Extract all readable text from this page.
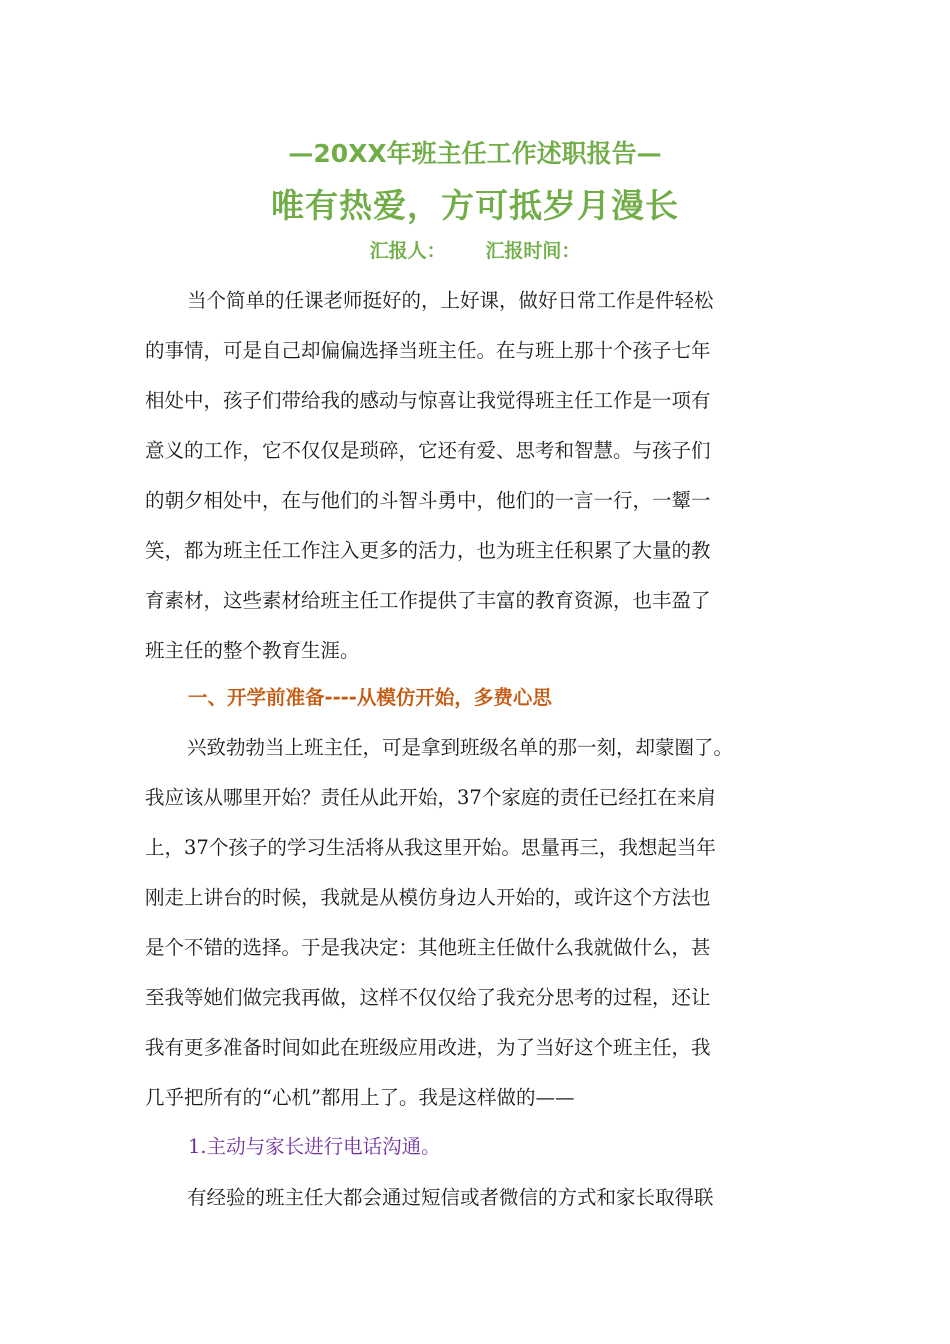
—20XX年班主任工作述职报告—
唯有热爱，方可抵岁月漫长
汇报人：      汇报时间：
当个简单的任课老师挺好的，上好课，做好日常工作是件轻松
的事情，可是自己却偏偏选择当班主任。在与班上那十个孩子七年
相处中，孩子们带给我的感动与惊喜让我觉得班主任工作是一项有
意义的工作，它不仅仅是琐碎，它还有爱、思考和智慧。与孩子们
的朝夕相处中，在与他们的斗智斗勇中，他们的一言一行，一颦一
笑，都为班主任工作注入更多的活力，也为班主任积累了大量的教
育素材，这些素材给班主任工作提供了丰富的教育资源，也丰盈了
班主任的整个教育生涯。
一、开学前准备----从模仿开始，多费心思
兴致勃勃当上班主任，可是拿到班级名单的那一刻，却蒙圈了。
我应该从哪里开始？责任从此开始，37个家庭的责任已经扛在来肩
上，37个孩子的学习生活将从我这里开始。思量再三，我想起当年
刚走上讲台的时候，我就是从模仿身边人开始的，或许这个方法也
是个不错的选择。于是我决定：其他班主任做什么我就做什么，甚
至我等她们做完我再做，这样不仅仅给了我充分思考的过程，还让
我有更多准备时间如此在班级应用改进，为了当好这个班主任，我
几乎把所有的“心机”都用上了。我是这样做的——
1.主动与家长进行电话沟通。
有经验的班主任大都会通过短信或者微信的方式和家长取得联
